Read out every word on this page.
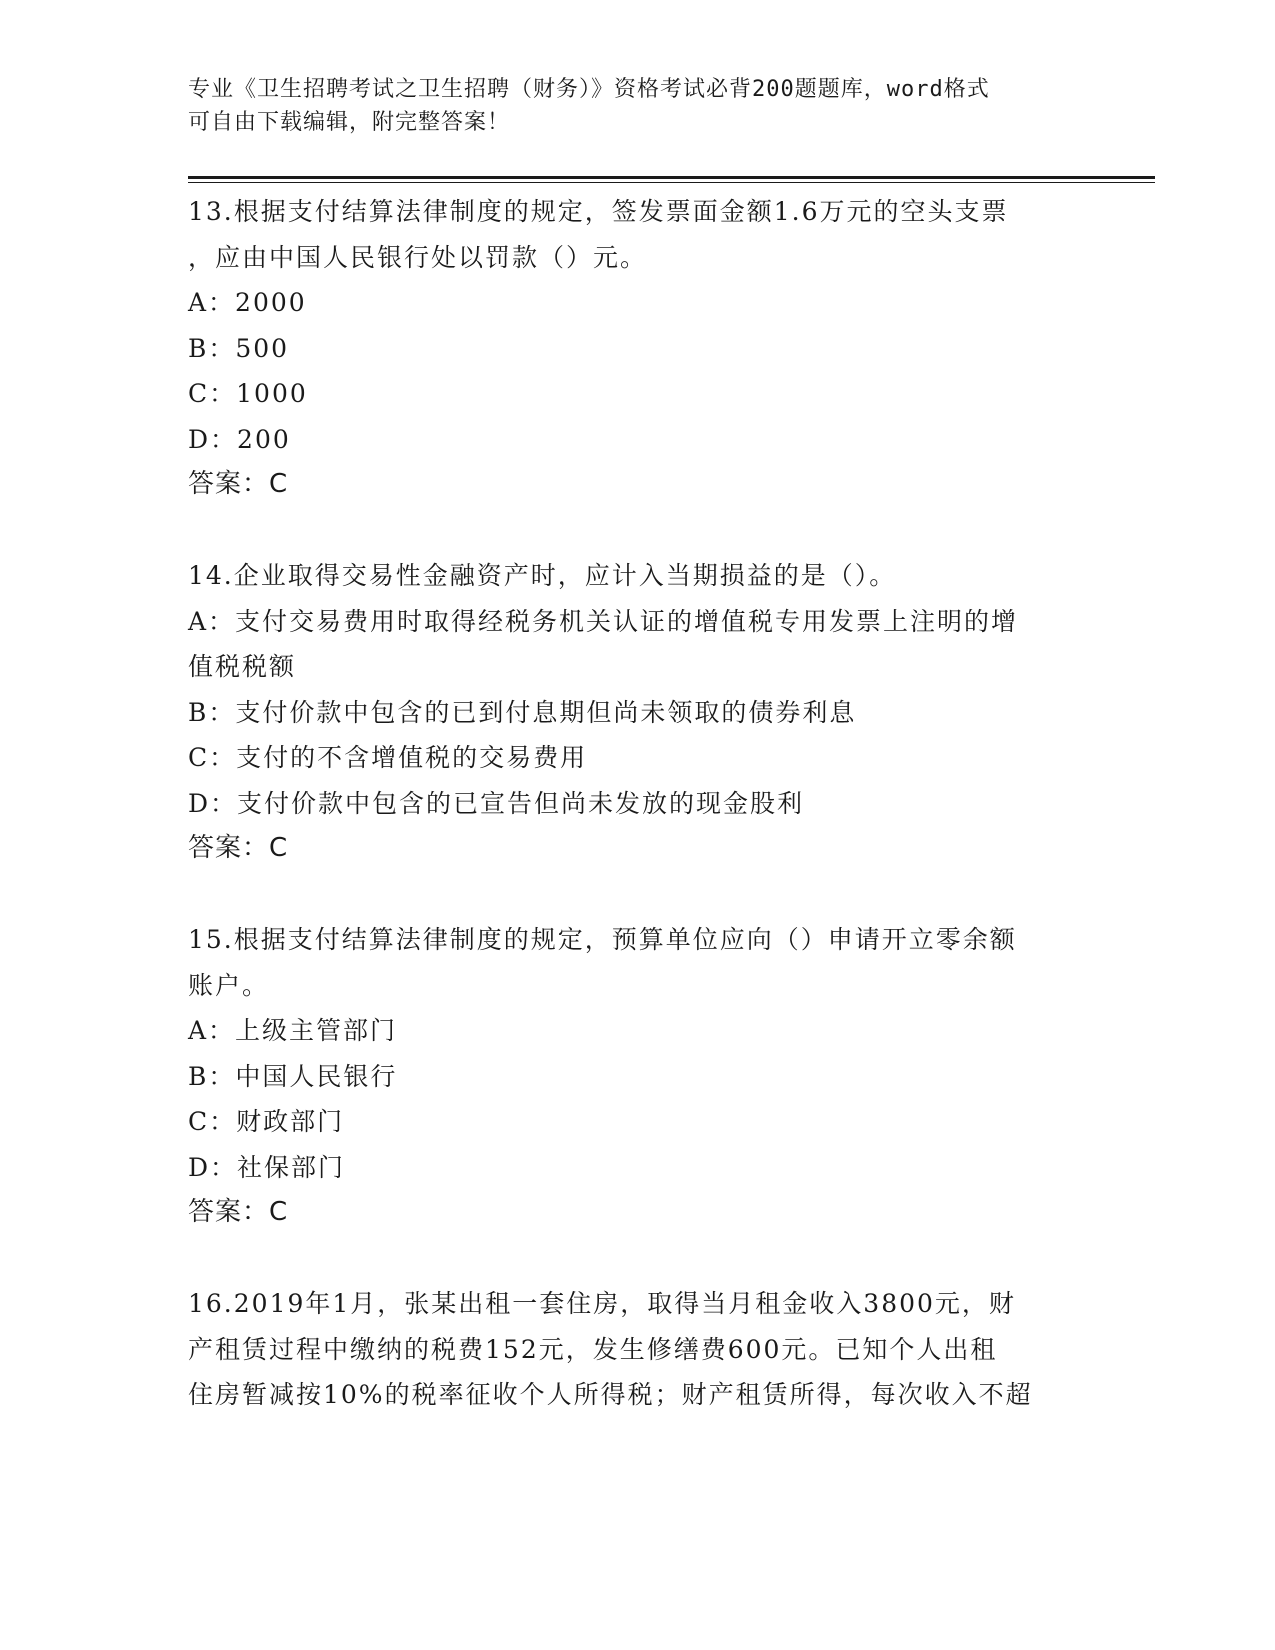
专业《卫生招聘考试之卫生招聘（财务）》资格考试必背200题题库，word格式
可自由下载编辑，附完整答案！
13.根据支付结算法律制度的规定，签发票面金额1.6万元的空头支票
，应由中国人民银行处以罚款（）元。
A：2000
B：500
C：1000
D：200
答案：C
14.企业取得交易性金融资产时，应计入当期损益的是（）。
A：支付交易费用时取得经税务机关认证的增值税专用发票上注明的增
值税税额
B：支付价款中包含的已到付息期但尚未领取的债券利息
C：支付的不含增值税的交易费用
D：支付价款中包含的已宣告但尚未发放的现金股利
答案：C
15.根据支付结算法律制度的规定，预算单位应向（）申请开立零余额
账户。
A：上级主管部门
B：中国人民银行
C：财政部门
D：社保部门
答案：C
16.2019年1月，张某出租一套住房，取得当月租金收入3800元，财
产租赁过程中缴纳的税费152元，发生修缮费600元。已知个人出租
住房暂减按10%的税率征收个人所得税；财产租赁所得，每次收入不超
